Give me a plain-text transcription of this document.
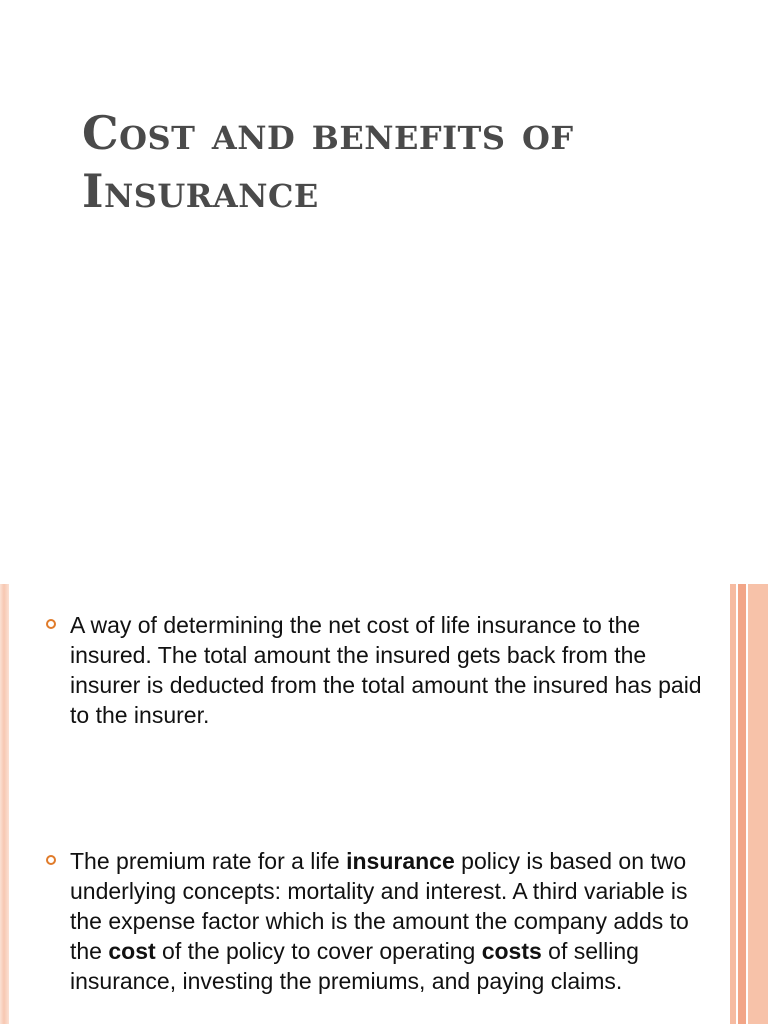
Cost and benefits of Insurance
A way of determining the net cost of life insurance to the insured. The total amount the insured gets back from the insurer is deducted from the total amount the insured has paid to the insurer.
The premium rate for a life insurance policy is based on two underlying concepts: mortality and interest. A third variable is the expense factor which is the amount the company adds to the cost of the policy to cover operating costs of selling insurance, investing the premiums, and paying claims.
